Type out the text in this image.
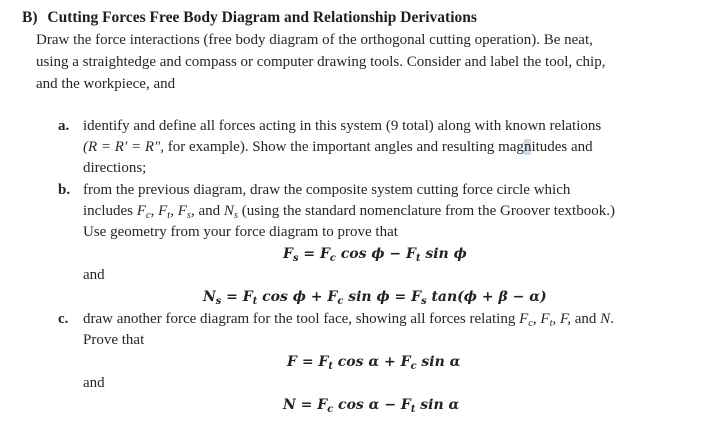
B) Cutting Forces Free Body Diagram and Relationship Derivations
Draw the force interactions (free body diagram of the orthogonal cutting operation). Be neat,
using a straightedge and compass or computer drawing tools. Consider and label the tool, chip,
and the workpiece, and
a. identify and define all forces acting in this system (9 total) along with known relations
(R = R′ = R″, for example). Show the important angles and resulting magnitudes and
directions;
b. from the previous diagram, draw the composite system cutting force circle which
includes $F_c$, $F_t$, $F_s$, and $N_s$ (using the standard nomenclature from the Groover textbook.)
Use geometry from your force diagram to prove that
$F_s = F_c$ $\cos \phi - F_t$ sin ϕ
and
$N_s = F_t$ $\cos \phi + F_c$ $\sin \phi = F_s$ tan(ϕ + β − α)
c. draw another force diagram for the tool face, showing all forces relating $F_c$, $F_t$, F, and N.
Prove that
$F = F_t$ $\cos \alpha + F_c$ sin α
and
$N = F_c$ $\cos \alpha - F_t$ sin α
